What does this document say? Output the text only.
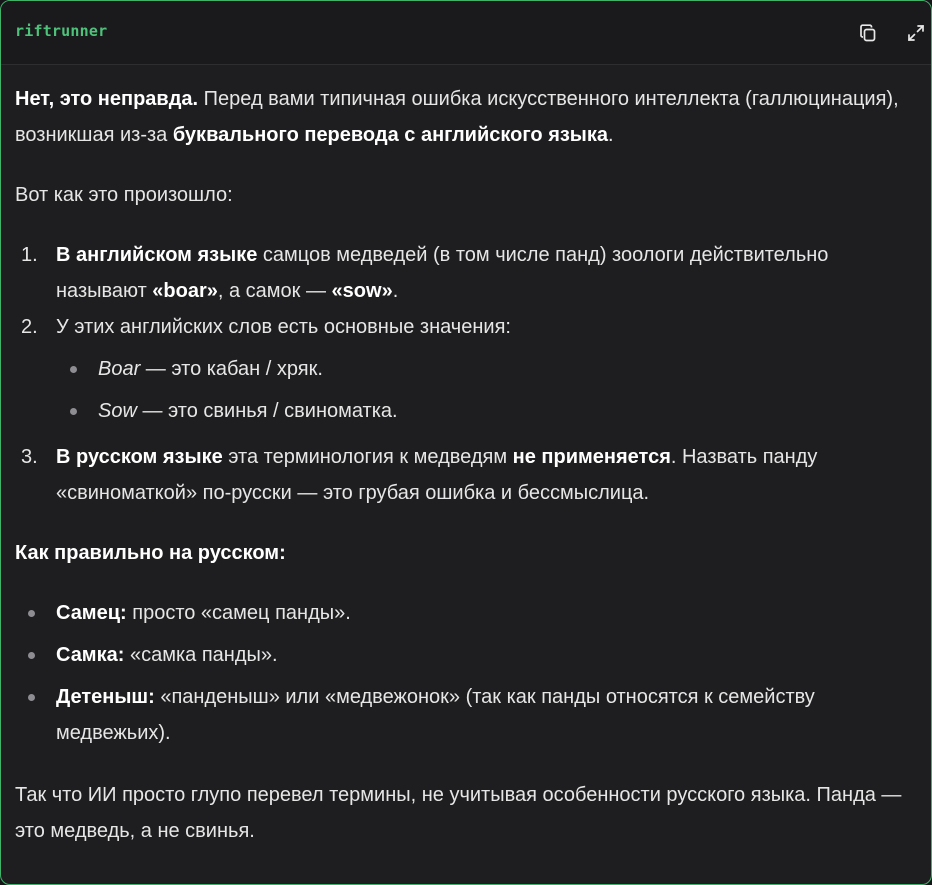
riftrunner

Нет, это неправда. Перед вами типичная ошибка искусственного интеллекта (галлюцинация), возникшая из-за буквального перевода с английского языка.

Вот как это произошло:

1. В английском языке самцов медведей (в том числе панд) зоологи действительно называют «boar», а самок — «sow».
2. У этих английских слов есть основные значения:
Boar — это кабан / хряк.
Sow — это свинья / свиноматка.
3. В русском языке эта терминология к медведям не применяется. Назвать панду «свиноматкой» по-русски — это грубая ошибка и бессмыслица.

Как правильно на русском:

Самец: просто «самец панды».
Самка: «самка панды».
Детеныш: «панденыш» или «медвежонок» (так как панды относятся к семейству медвежьих).

Так что ИИ просто глупо перевел термины, не учитывая особенности русского языка. Панда — это медведь, а не свинья.
